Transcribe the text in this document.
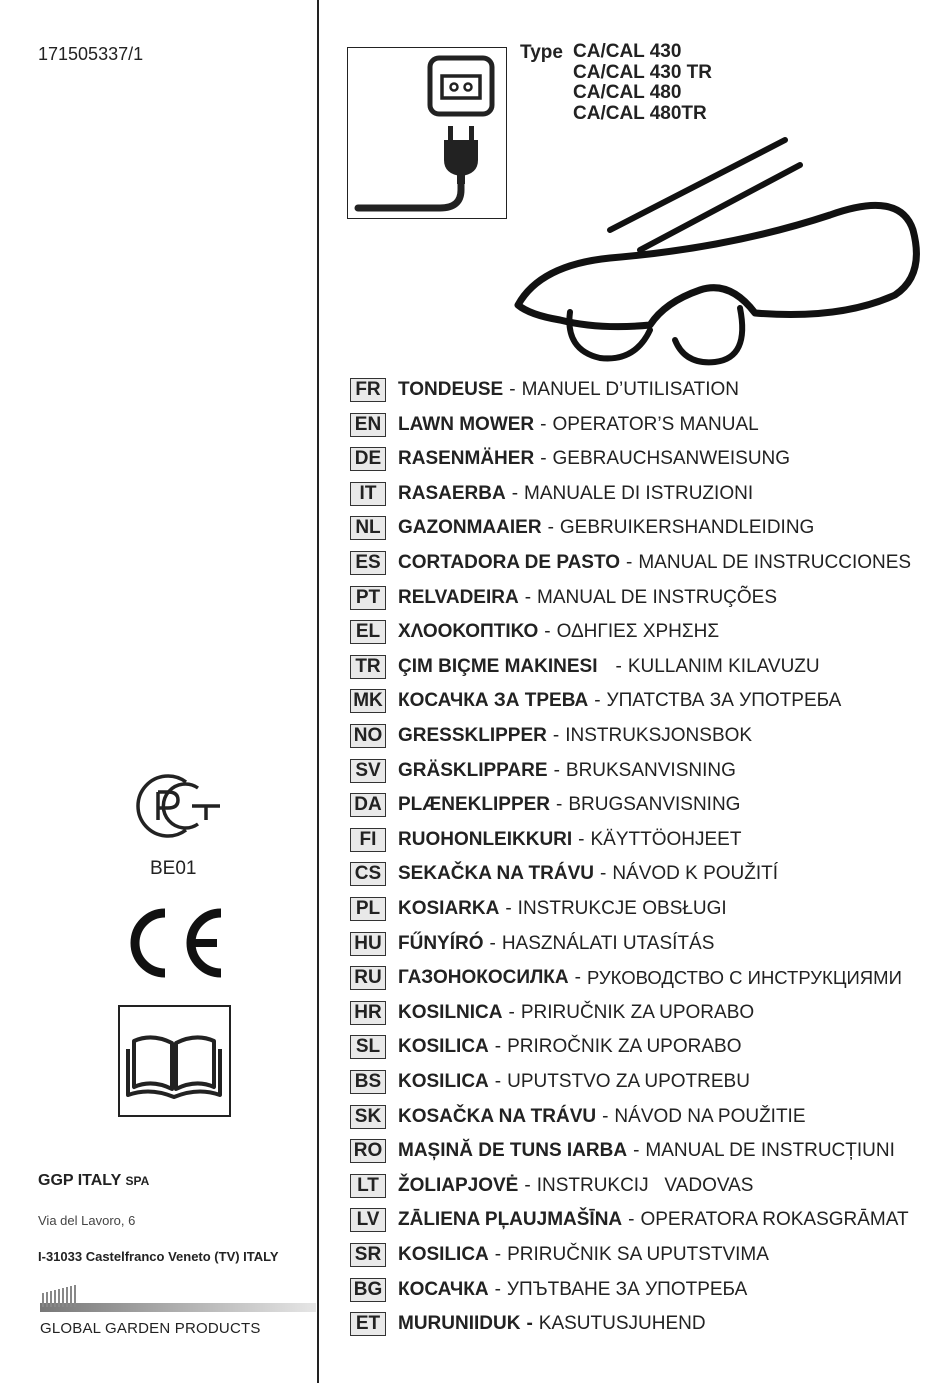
171505337/1	Type CA/CAL 430
CA/CAL 430 TR
CA/CAL 480
CA/CAL 480TR
FR TONDEUSE - MANUEL D’UTILISATION
EN LAWN MOWER - OPERATOR’S MANUAL
DE RASENMÄHER - GEBRAUCHSANWEISUNG
IT	RASAERBA - MANUALE DI ISTRUZIONI
NL GAZONMAAIER - GEBRUIKERSHANDLEIDING
ES CORTADORA DE PASTO - MANUAL DE INSTRUCCIONES
PT RELVADEIRA - MANUAL DE INSTRUÇÕES
EL ΧΛΟΟΚΟΠΤΙΚΟ - ΟΔΗΓΙΕΣ ΧΡΗΣΗΣ
TR ÇIM BIÇME MAKINESI - KULLANIM KILAVUZU
MK КОСАЧКА ЗА ТРЕВА - УПАТСТВА ЗА УПОТРЕБА
NO GRESSKLIPPER - INSTRUKSJONSBOK
SV GRÄSKLIPPARE - BRUKSANVISNING
DA PLÆNEKLIPPER - BRUGSANVISNING
FI	RUOHONLEIKKURI - KÄYTTÖOHJEET
CS SEKAČKA NA TRÁVU - NÁVOD K POUŽITÍ
PL KOSIARKA - INSTRUKCJE OBSŁUGI
HU FŰNYÍRÓ - HASZNÁLATI UTASÍTÁS
RU ГАЗОНОКОСИЛКА - РУКОВОДСТВО С ИНСТРУКЦИЯМИ
HR KOSILNICA - PRIRUČNIK ZA UPORABO
SL KOSILICA - PRIROČNIK ZA UPORABO
BS KOSILICA - UPUTSTVO ZA UPOTREBU
SK KOSAČKA NA TRÁVU - NÁVOD NA POUŽITIE
RO MAȘINĂ DE TUNS IARBA - MANUAL DE INSTRUCȚIUNI
LT	ŽOLIAPJOVĖ - INSTRUKCIJ   VADOVAS
LV ZĀLIENA PĻAUJMAŠĪNA - OPERATORA ROKASGRĀMAT
SR KOSILICA - PRIRUČNIK SA UPUTSTVIMA
BG КОСАЧКА - УПЪТВАНЕ ЗА УПОТРЕБА
ET MURUNIIDUK - KASUTUSJUHEND
BE01
GGP ITALY SPA
Via del Lavoro, 6
I-31033 Castelfranco Veneto (TV) ITALY
GLOBAL GARDEN PRODUCTS
